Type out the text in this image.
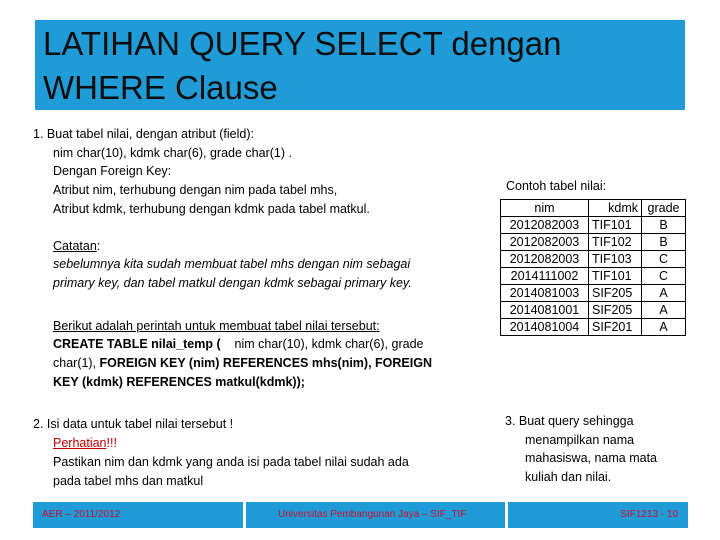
LATIHAN QUERY SELECT dengan
WHERE Clause
1. Buat tabel nilai, dengan atribut (field):
nim char(10), kdmk char(6), grade char(1) .
Dengan Foreign Key:
Atribut nim, terhubung dengan nim pada tabel mhs,
Atribut kdmk, terhubung dengan kdmk pada tabel matkul.
Catatan:
sebelumnya kita sudah membuat tabel mhs dengan nim sebagai
primary key, dan tabel matkul dengan kdmk sebagai primary key.
Berikut adalah perintah untuk membuat tabel nilai tersebut:
CREATE TABLE nilai_temp ( nim char(10), kdmk char(6), grade
char(1), FOREIGN KEY (nim) REFERENCES mhs(nim), FOREIGN
KEY (kdmk) REFERENCES matkul(kdmk));
2. Isi data untuk tabel nilai tersebut !
Perhatian!!!
Pastikan nim dan kdmk yang anda isi pada tabel nilai sudah ada
pada tabel mhs dan matkul
Contoh tabel nilai:
nim	kdmk	grade
2012082003	TIF101	B
2012082003	TIF102	B
2012082003	TIF103	C
2014111002	TIF101	C
2014081003	SIF205	A
2014081001	SIF205	A
2014081004	SIF201	A
3. Buat query sehingga
menampilkan nama
mahasiswa, nama mata
kuliah dan nilai.
AER – 2011/2012	Universitas Pembangunan Jaya – SIF_TIF	SIF1213 - 10
